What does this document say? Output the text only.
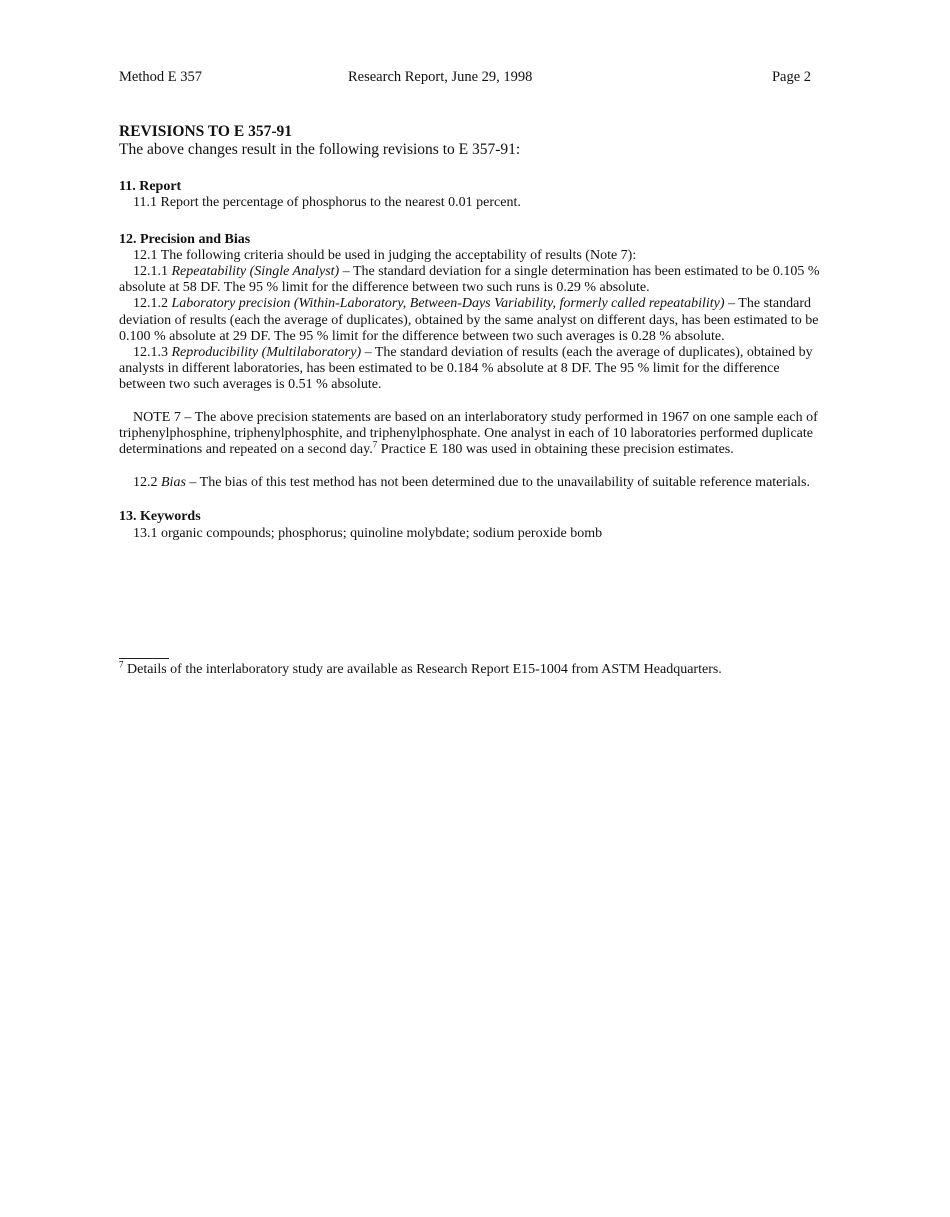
Method E 357	Research Report, June 29, 1998	Page 2

REVISIONS TO E 357-91

The above changes result in the following revisions to E 357-91:

11. Report

11.1 Report the percentage of phosphorus to the nearest 0.01 percent.

12. Precision and Bias

12.1 The following criteria should be used in judging the acceptability of results (Note 7):

12.1.1 Repeatability (Single Analyst) – The standard deviation for a single determination has been estimated to be 0.105 % absolute at 58 DF. The 95 % limit for the difference between two such runs is 0.29 % absolute.

12.1.2 Laboratory precision (Within-Laboratory, Between-Days Variability, formerly called repeatability) – The standard deviation of results (each the average of duplicates), obtained by the same analyst on different days, has been estimated to be 0.100 % absolute at 29 DF. The 95 % limit for the difference between two such averages is 0.28 % absolute.

12.1.3 Reproducibility (Multilaboratory) – The standard deviation of results (each the average of duplicates), obtained by analysts in different laboratories, has been estimated to be 0.184 % absolute at 8 DF. The 95 % limit for the difference between two such averages is 0.51 % absolute.

NOTE 7 – The above precision statements are based on an interlaboratory study performed in 1967 on one sample each of triphenylphosphine, triphenylphosphite, and triphenylphosphate. One analyst in each of 10 laboratories performed duplicate determinations and repeated on a second day.$^7$ Practice E 180 was used in obtaining these precision estimates.

12.2 Bias – The bias of this test method has not been determined due to the unavailability of suitable reference materials.

13. Keywords

13.1 organic compounds; phosphorus; quinoline molybdate; sodium peroxide bomb

$^7$ Details of the interlaboratory study are available as Research Report E15-1004 from ASTM Headquarters.
